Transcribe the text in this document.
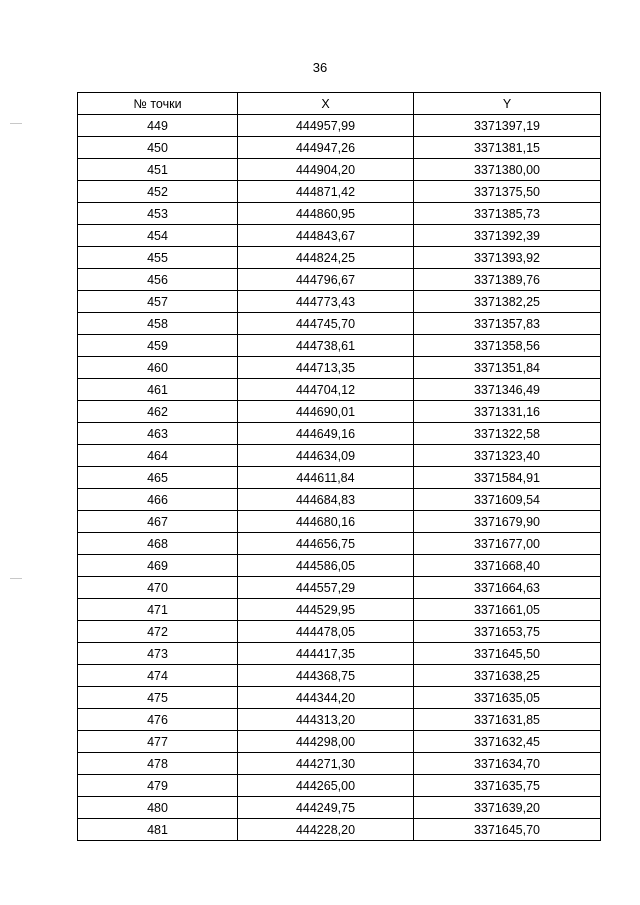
36
№ точки	X	Y
449	444957,99	3371397,19
450	444947,26	3371381,15
451	444904,20	3371380,00
452	444871,42	3371375,50
453	444860,95	3371385,73
454	444843,67	3371392,39
455	444824,25	3371393,92
456	444796,67	3371389,76
457	444773,43	3371382,25
458	444745,70	3371357,83
459	444738,61	3371358,56
460	444713,35	3371351,84
461	444704,12	3371346,49
462	444690,01	3371331,16
463	444649,16	3371322,58
464	444634,09	3371323,40
465	444611,84	3371584,91
466	444684,83	3371609,54
467	444680,16	3371679,90
468	444656,75	3371677,00
469	444586,05	3371668,40
470	444557,29	3371664,63
471	444529,95	3371661,05
472	444478,05	3371653,75
473	444417,35	3371645,50
474	444368,75	3371638,25
475	444344,20	3371635,05
476	444313,20	3371631,85
477	444298,00	3371632,45
478	444271,30	3371634,70
479	444265,00	3371635,75
480	444249,75	3371639,20
481	444228,20	3371645,70
